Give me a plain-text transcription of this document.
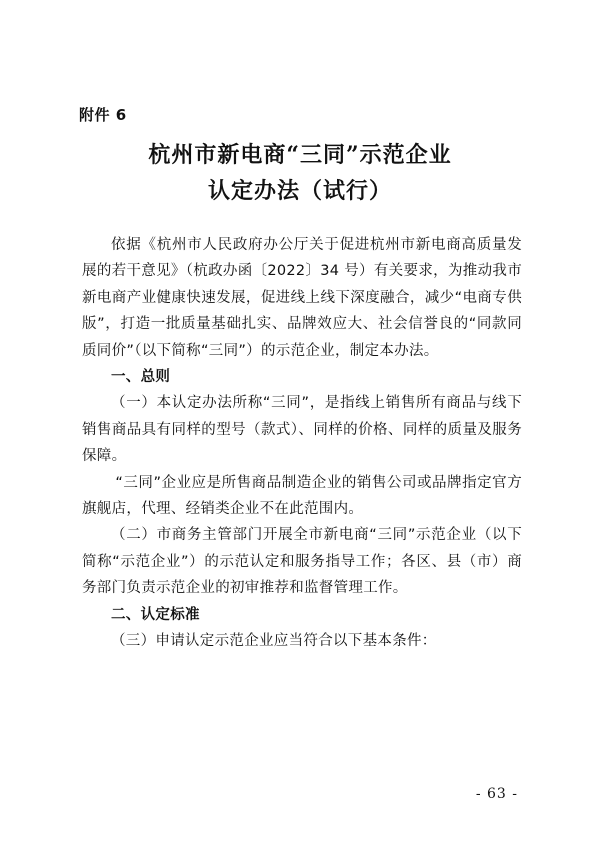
附件 6
杭州市新电商“三同”示范企业
认定办法（试行）

依据《杭州市人民政府办公厅关于促进杭州市新电商高质量发展的若干意见》（杭政办函〔2022〕34 号）有关要求，为推动我市新电商产业健康快速发展，促进线上线下深度融合，减少“电商专供版”，打造一批质量基础扎实、品牌效应大、社会信誉良的“同款同质同价”（以下简称“三同”）的示范企业，制定本办法。

一、总则

（一）本认定办法所称“三同”，是指线上销售所有商品与线下销售商品具有同样的型号（款式）、同样的价格、同样的质量及服务保障。

“三同”企业应是所售商品制造企业的销售公司或品牌指定官方旗舰店，代理、经销类企业不在此范围内。

（二）市商务主管部门开展全市新电商“三同”示范企业（以下简称“示范企业”）的示范认定和服务指导工作；各区、县（市）商务部门负责示范企业的初审推荐和监督管理工作。

二、认定标准

（三）申请认定示范企业应当符合以下基本条件：

- 63 -
